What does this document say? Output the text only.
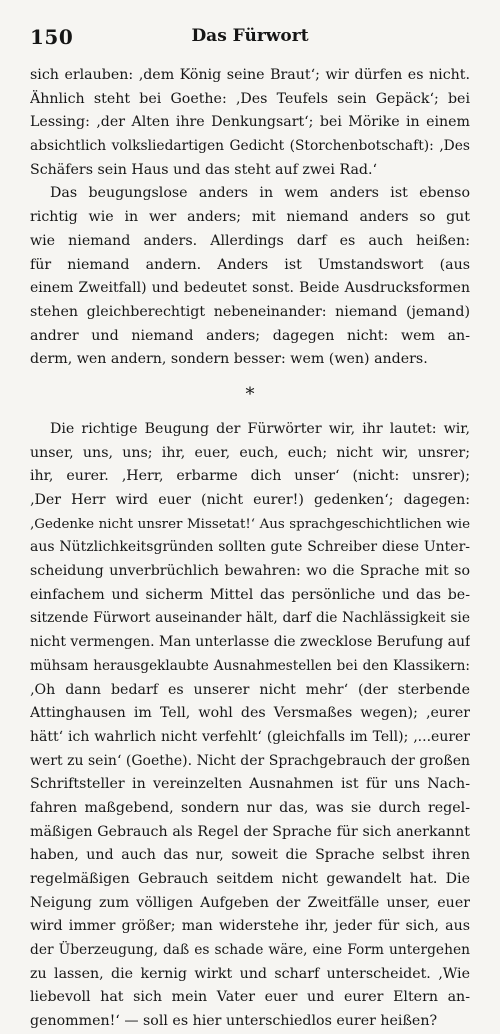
150	Das Fürwort
sich erlauben: ‚dem König seine Braut‘; wir dürfen es nicht.
Ähnlich steht bei Goethe: ‚Des Teufels sein Gepäck‘; bei
Lessing: ‚der Alten ihre Denkungsart‘; bei Mörike in einem
absichtlich volksliedartigen Gedicht (Storchenbotschaft): ‚Des
Schäfers sein Haus und das steht auf zwei Rad.‘
Das beugungslose anders in wem anders ist ebenso
richtig wie in wer anders; mit niemand anders so gut
wie niemand anders. Allerdings darf es auch heißen:
für niemand andern. Anders ist Umstandswort (aus
einem Zweitfall) und bedeutet sonst. Beide Ausdrucksformen
stehen gleichberechtigt nebeneinander: niemand (jemand)
andrer und niemand anders; dagegen nicht: wem an-
derm, wen andern, sondern besser: wem (wen) anders.
*
Die richtige Beugung der Fürwörter wir, ihr lautet: wir,
unser, uns, uns; ihr, euer, euch, euch; nicht wir, unsrer;
ihr, eurer. ‚Herr, erbarme dich unser‘ (nicht: unsrer);
‚Der Herr wird euer (nicht eurer!) gedenken‘; dagegen:
‚Gedenke nicht unsrer Missetat!‘ Aus sprachgeschichtlichen wie
aus Nützlichkeitsgründen sollten gute Schreiber diese Unter-
scheidung unverbrüchlich bewahren: wo die Sprache mit so
einfachem und sicherm Mittel das persönliche und das be-
sitzende Fürwort auseinander hält, darf die Nachlässigkeit sie
nicht vermengen. Man unterlasse die zwecklose Berufung auf
mühsam herausgeklaubte Ausnahmestellen bei den Klassikern:
‚Oh dann bedarf es unserer nicht mehr‘ (der sterbende
Attinghausen im Tell, wohl des Versmaßes wegen); ‚eurer
hätt‘ ich wahrlich nicht verfehlt‘ (gleichfalls im Tell); ‚...eurer
wert zu sein‘ (Goethe). Nicht der Sprachgebrauch der großen
Schriftsteller in vereinzelten Ausnahmen ist für uns Nach-
fahren maßgebend, sondern nur das, was sie durch regel-
mäßigen Gebrauch als Regel der Sprache für sich anerkannt
haben, und auch das nur, soweit die Sprache selbst ihren
regelmäßigen Gebrauch seitdem nicht gewandelt hat. Die
Neigung zum völligen Aufgeben der Zweitfälle unser, euer
wird immer größer; man widerstehe ihr, jeder für sich, aus
der Überzeugung, daß es schade wäre, eine Form untergehen
zu lassen, die kernig wirkt und scharf unterscheidet. ‚Wie
liebevoll hat sich mein Vater euer und eurer Eltern an-
genommen!‘ — soll es hier unterschiedlos eurer heißen?
